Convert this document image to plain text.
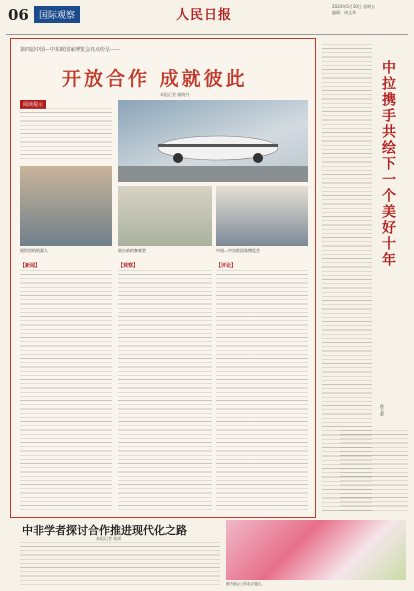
06	国际观察	人民日报
2024年5月10日 星期五
编辑：胡文华
第四届中国—中东欧国家博览会亮点纷呈——
开放合作 成就彼此
本报记者 姚晓丹
阅读提示
展馆里的机器人	展台前的参观者	中国—中东欧国家博览会
【新闻】	【观察】	【评论】	中拉携手共绘下一个美好十年
孙立彩
中非学者探讨合作推进现代化之路
本报记者 曲颂
图为展会上的花卉展区。
